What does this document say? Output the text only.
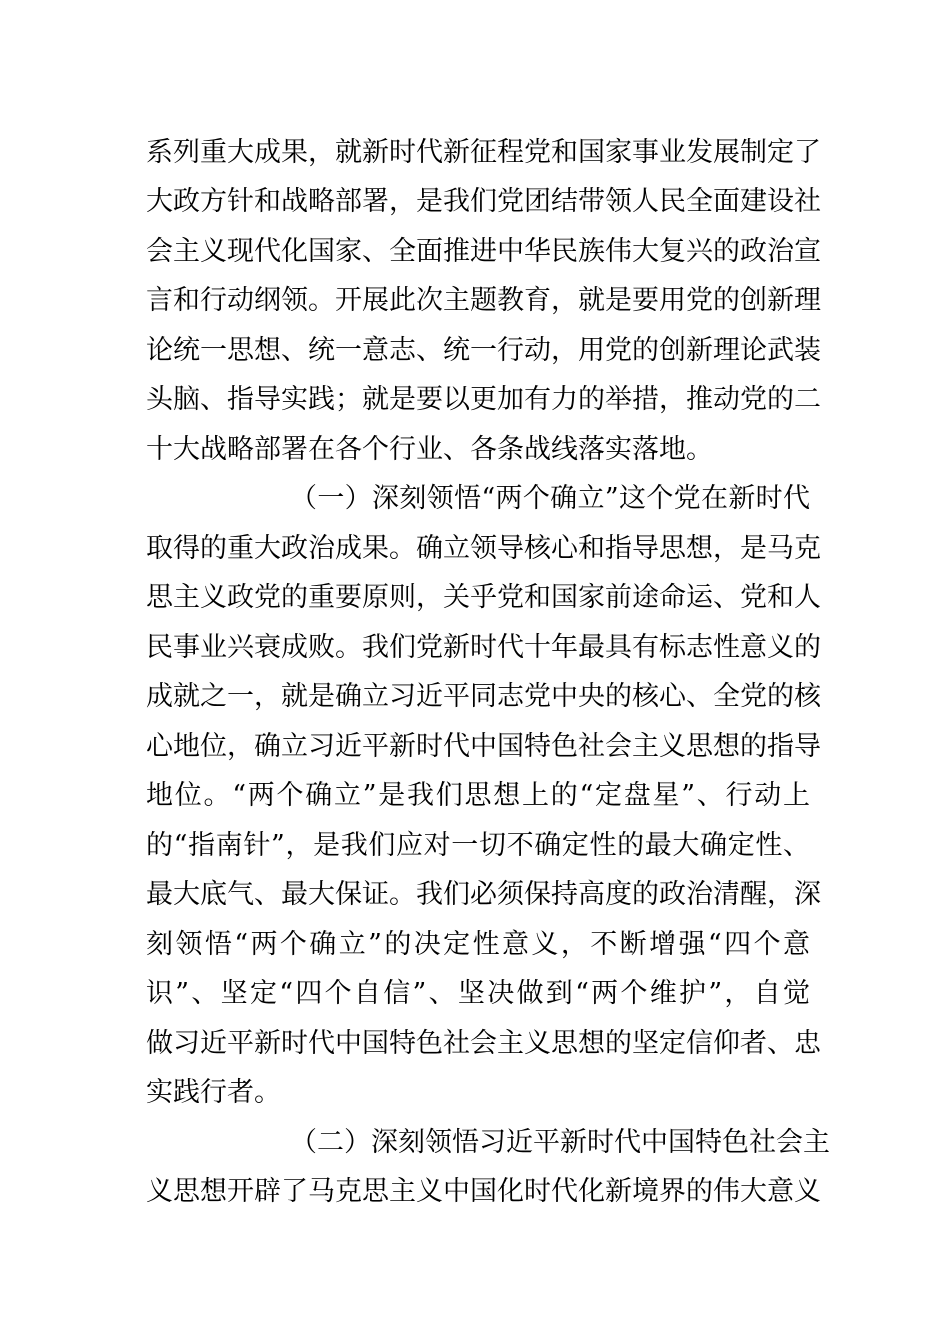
系列重大成果，就新时代新征程党和国家事业发展制定了
大政方针和战略部署，是我们党团结带领人民全面建设社
会主义现代化国家、全面推进中华民族伟大复兴的政治宣
言和行动纲领。开展此次主题教育，就是要用党的创新理
论统一思想、统一意志、统一行动，用党的创新理论武装
头脑、指导实践；就是要以更加有力的举措，推动党的二
十大战略部署在各个行业、各条战线落实落地。
（一）深刻领悟“两个确立”这个党在新时代
取得的重大政治成果。确立领导核心和指导思想，是马克
思主义政党的重要原则，关乎党和国家前途命运、党和人
民事业兴衰成败。我们党新时代十年最具有标志性意义的
成就之一，就是确立习近平同志党中央的核心、全党的核
心地位，确立习近平新时代中国特色社会主义思想的指导
地位。“两个确立”是我们思想上的“定盘星”、行动上
的“指南针”，是我们应对一切不确定性的最大确定性、
最大底气、最大保证。我们必须保持高度的政治清醒，深
刻领悟“两个确立”的决定性意义，不断增强“四个意
识”、坚定“四个自信”、坚决做到“两个维护”，自觉
做习近平新时代中国特色社会主义思想的坚定信仰者、忠
实践行者。
（二）深刻领悟习近平新时代中国特色社会主
义思想开辟了马克思主义中国化时代化新境界的伟大意义
